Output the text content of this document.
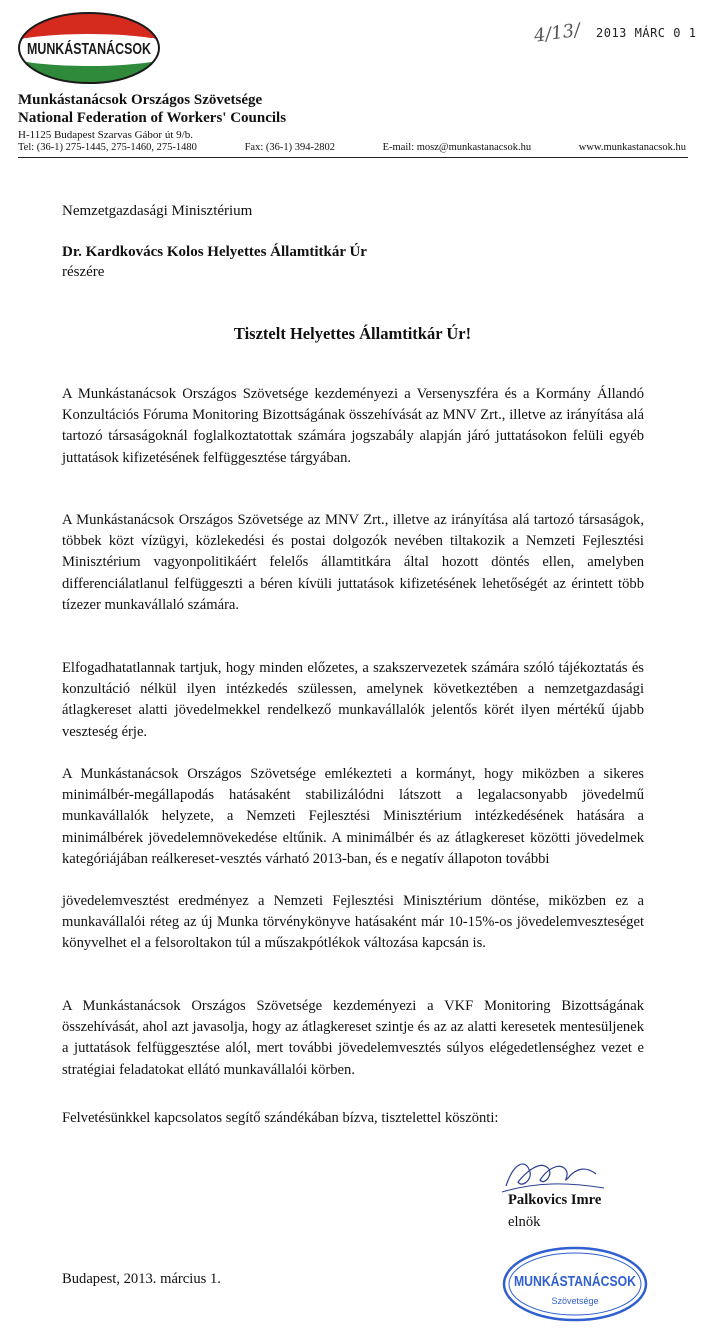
MUNKÁSTANÁCSOK
4/13/ 2013 MÁRC 0 1
Munkástanácsok Országos Szövetsége
National Federation of Workers' Councils
H-1125 Budapest Szarvas Gábor út 9/b.
Tel: (36-1) 275-1445, 275-1460, 275-1480	Fax: (36-1) 394-2802	E-mail: mosz@munkastanacsok.hu	www.munkastanacsok.hu
Nemzetgazdasági Minisztérium
Dr. Kardkovács Kolos Helyettes Államtitkár Úr
részére
Tisztelt Helyettes Államtitkár Úr!

A Munkástanácsok Országos Szövetsége kezdeményezi a Versenyszféra és a Kormány Állandó Konzultációs Fóruma Monitoring Bizottságának összehívását az MNV Zrt., illetve az irányítása alá tartozó társaságoknál foglalkoztatottak számára jogszabály alapján járó juttatásokon felüli egyéb juttatások kifizetésének felfüggesztése tárgyában.

A Munkástanácsok Országos Szövetsége az MNV Zrt., illetve az irányítása alá tartozó társaságok, többek közt vízügyi, közlekedési és postai dolgozók nevében tiltakozik a Nemzeti Fejlesztési Minisztérium vagyonpolitikáért felelős államtitkára által hozott döntés ellen, amelyben differenciálatlanul felfüggeszti a béren kívüli juttatások kifizetésének lehetőségét az érintett több tízezer munkavállaló számára.

Elfogadhatatlannak tartjuk, hogy minden előzetes, a szakszervezetek számára szóló tájékoztatás és konzultáció nélkül ilyen intézkedés szülessen, amelynek következtében a nemzetgazdasági átlagkereset alatti jövedelmekkel rendelkező munkavállalók jelentős körét ilyen mértékű újabb veszteség érje.

A Munkástanácsok Országos Szövetsége emlékezteti a kormányt, hogy miközben a sikeres minimálbér-megállapodás hatásaként stabilizálódni látszott a legalacsonyabb jövedelmű munkavállalók helyzete, a Nemzeti Fejlesztési Minisztérium intézkedésének hatására a minimálbérek jövedelemnövekedése eltűnik. A minimálbér és az átlagkereset közötti jövedelmek kategóriájában reálkereset-vesztés várható 2013-ban, és e negatív állapoton további

jövedelemvesztést eredményez a Nemzeti Fejlesztési Minisztérium döntése, miközben ez a munkavállalói réteg az új Munka törvénykönyve hatásaként már 10-15%-os jövedelemveszteséget könyvelhet el a felsoroltakon túl a műszakpótlékok változása kapcsán is.

A Munkástanácsok Országos Szövetsége kezdeményezi a VKF Monitoring Bizottságának összehívását, ahol azt javasolja, hogy az átlagkereset szintje és az az alatti keresetek mentesüljenek a juttatások felfüggesztése alól, mert további jövedelemvesztés súlyos elégedetlenséghez vezet e stratégiai feladatokat ellátó munkavállalói körben.

Felvetésünkkel kapcsolatos segítő szándékában bízva, tisztelettel köszönti:
Palkovics Imre
elnök
Budapest, 2013. március 1.	MUNKÁSTANÁCSOK
Szövetsége
